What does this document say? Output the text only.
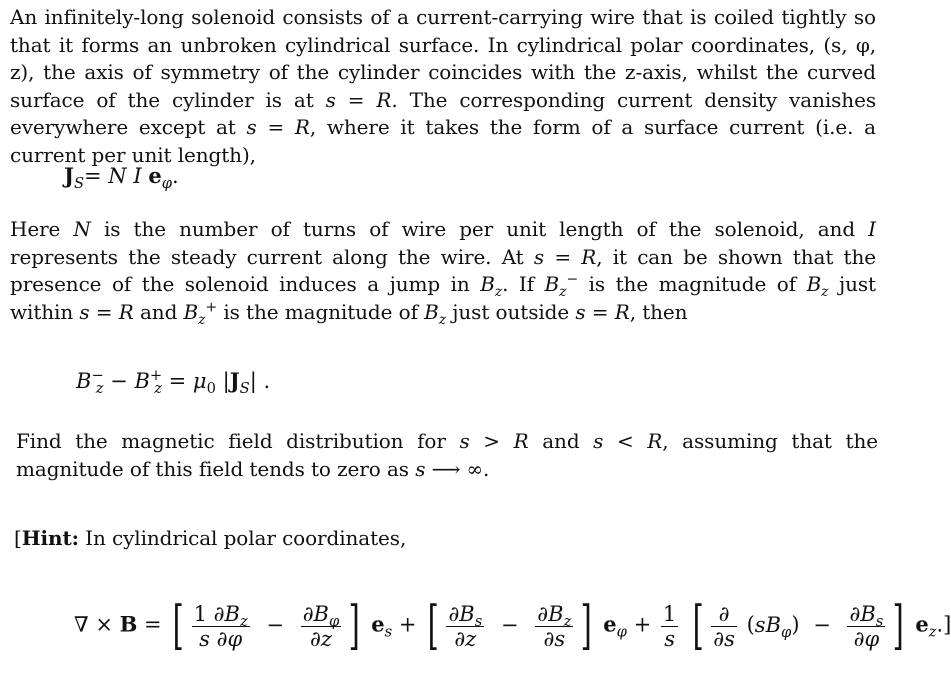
An infinitely-long solenoid consists of a current-carrying wire that is coiled tightly so that it forms an unbroken cylindrical surface. In cylindrical polar coordinates, (s, φ, z), the axis of symmetry of the cylinder coincides with the z-axis, whilst the curved surface of the cylinder is at s = R. The corresponding current density vanishes everywhere except at s = R, where it takes the form of a surface current (i.e. a current per unit length),
$J_S= N$ I $e_\varphi$.
Here N is the number of turns of wire per unit length of the solenoid, and I represents the steady current along the wire. At s = R, it can be shown that the presence of the solenoid induces a jump in $B_z$. If $B_z^-$ is the magnitude of $B_z$ just within s = R and $B_z^+$ is the magnitude of $B_z$ just outside s = R, then
$B^-_z - B^+_z = \mu_0$ $|J_S|$ .
Find the magnetic field distribution for s > R and s < R, assuming that the magnitude of this field tends to zero as s ⟶ ∞.
[Hint: In cylindrical polar coordinates,
∇ × B = [ $\frac{1 \partial B_z}{s \partial\varphi} - \frac{\partial B_\varphi}{\partial z}$ ] $e_s$ + [ $\frac{\partial B_s}{\partial z} - \frac{\partial B_z}{\partial s}$ ] $e_\varphi + \frac{1}{s}$ [ $\frac{\partial}{\partial s} (sB_\varphi) - \frac{\partial B_s}{\partial\varphi}$ ] $e_z$.]
